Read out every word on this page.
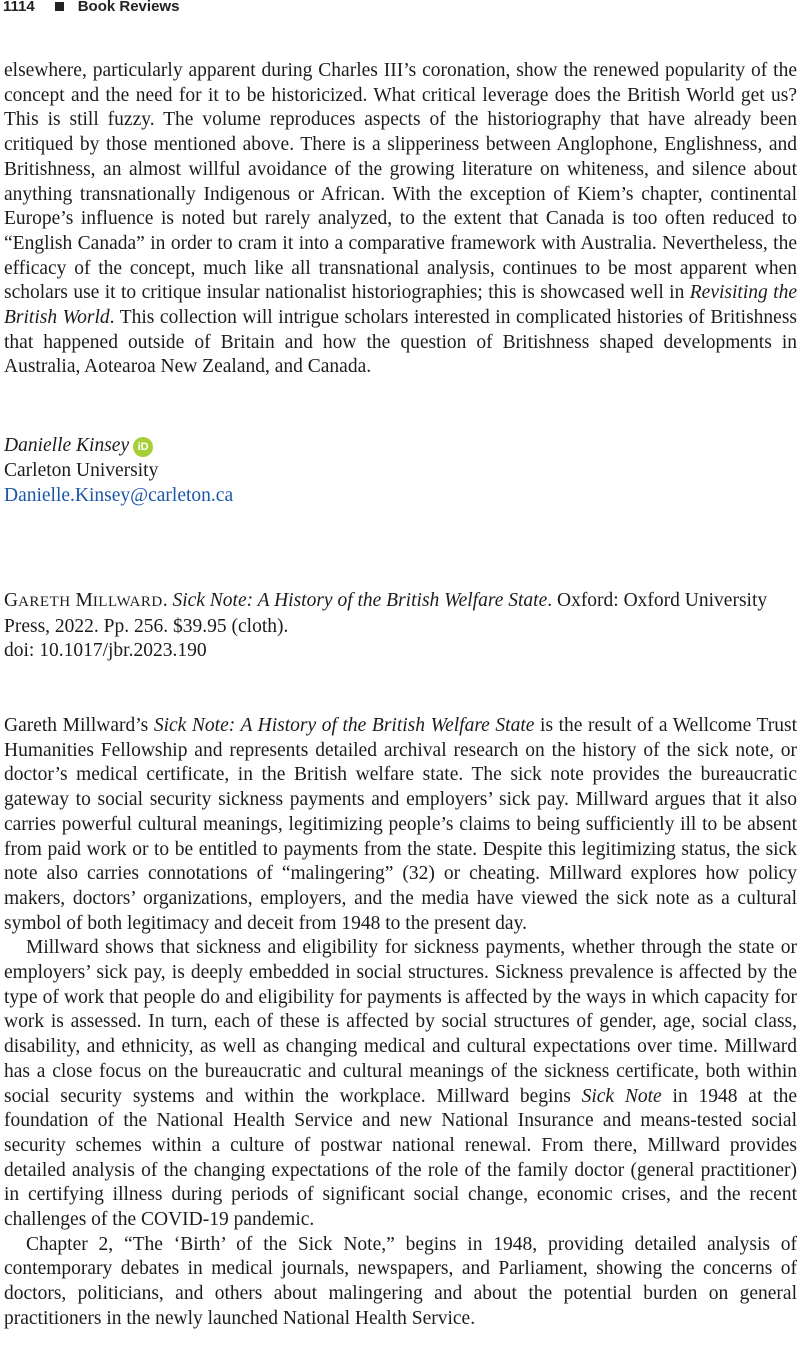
1114	Book Reviews

elsewhere, particularly apparent during Charles III’s coronation, show the renewed popularity of the concept and the need for it to be historicized. What critical leverage does the British World get us? This is still fuzzy. The volume reproduces aspects of the historiography that have already been critiqued by those mentioned above. There is a slipperiness between Anglophone, Englishness, and Britishness, an almost willful avoidance of the growing literature on whiteness, and silence about anything transnationally Indigenous or African. With the exception of Kiem’s chapter, continental Europe’s influence is noted but rarely analyzed, to the extent that Canada is too often reduced to “English Canada” in order to cram it into a comparative framework with Australia. Nevertheless, the efficacy of the concept, much like all transnational analysis, continues to be most apparent when scholars use it to critique insular nationalist historiographies; this is showcased well in Revisiting the British World. This collection will intrigue scholars interested in complicated histories of Britishness that happened outside of Britain and how the question of Britishness shaped developments in Australia, Aotearoa New Zealand, and Canada.

Danielle Kinsey iD
Carleton University
Danielle.Kinsey@carleton.ca

GARETH MILLWARD. Sick Note: A History of the British Welfare State. Oxford: Oxford University Press, 2022. Pp. 256. $39.95 (cloth).

doi: 10.1017/jbr.2023.190

Gareth Millward’s Sick Note: A History of the British Welfare State is the result of a Wellcome Trust Humanities Fellowship and represents detailed archival research on the history of the sick note, or doctor’s medical certificate, in the British welfare state. The sick note provides the bureaucratic gateway to social security sickness payments and employers’ sick pay. Millward argues that it also carries powerful cultural meanings, legitimizing people’s claims to being sufficiently ill to be absent from paid work or to be entitled to payments from the state. Despite this legitimizing status, the sick note also carries connotations of “malingering” (32) or cheating. Millward explores how policy makers, doctors’ organizations, employers, and the media have viewed the sick note as a cultural symbol of both legitimacy and deceit from 1948 to the present day.

Millward shows that sickness and eligibility for sickness payments, whether through the state or employers’ sick pay, is deeply embedded in social structures. Sickness prevalence is affected by the type of work that people do and eligibility for payments is affected by the ways in which capacity for work is assessed. In turn, each of these is affected by social structures of gender, age, social class, disability, and ethnicity, as well as changing medical and cultural expectations over time. Millward has a close focus on the bureaucratic and cultural meanings of the sickness certificate, both within social security systems and within the workplace. Millward begins Sick Note in 1948 at the foundation of the National Health Service and new National Insurance and means-tested social security schemes within a culture of postwar national renewal. From there, Millward provides detailed analysis of the changing expectations of the role of the family doctor (general practitioner) in certifying illness during periods of significant social change, economic crises, and the recent challenges of the COVID-19 pandemic.

Chapter 2, “The ‘Birth’ of the Sick Note,” begins in 1948, providing detailed analysis of contemporary debates in medical journals, newspapers, and Parliament, showing the concerns of doctors, politicians, and others about malingering and about the potential burden on general practitioners in the newly launched National Health Service.
